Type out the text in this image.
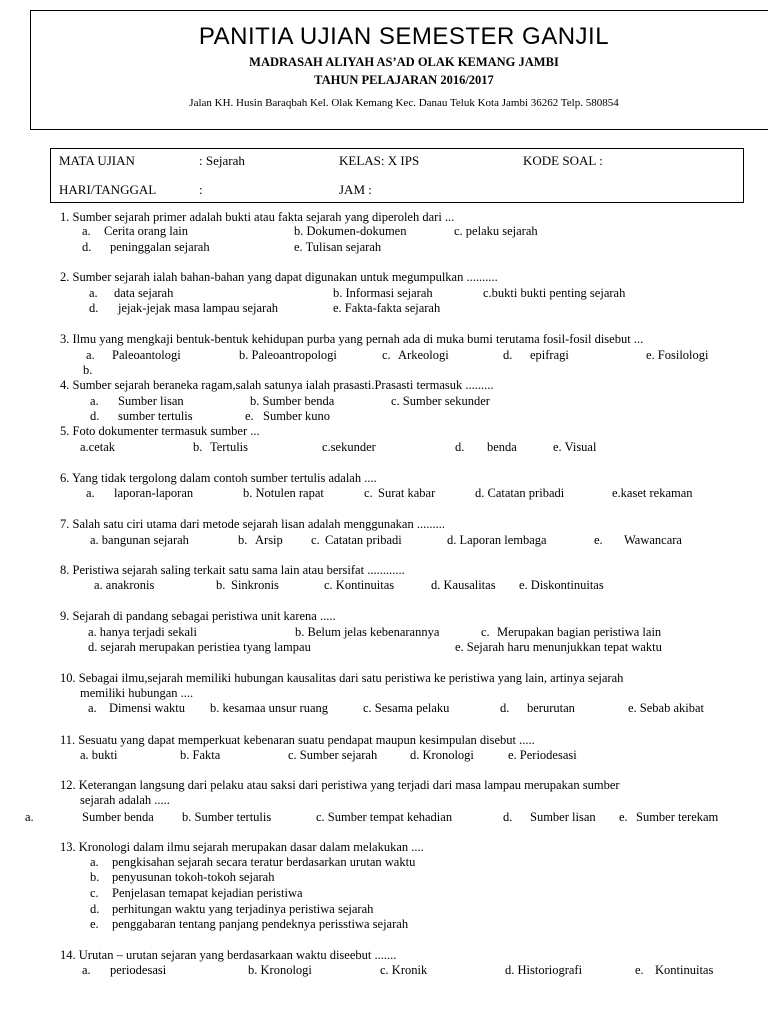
PANITIA UJIAN SEMESTER GANJIL
MADRASAH ALIYAH AS’AD OLAK KEMANG JAMBI
TAHUN PELAJARAN 2016/2017
Jalan KH. Husin Baraqbah Kel. Olak Kemang Kec. Danau Teluk Kota Jambi 36262 Telp. 580854
MATA UJIAN	: Sejarah	KELAS: X IPS	KODE SOAL :
HARI/TANGGAL	:	JAM :
1. Sumber sejarah primer adalah bukti atau fakta sejarah yang diperoleh dari ...
a. Cerita orang lain	b. Dokumen-dokumen	c. pelaku sejarah
d. peninggalan sejarah	e. Tulisan sejarah
2. Sumber sejarah ialah bahan-bahan yang dapat digunakan untuk megumpulkan ..........
a. data sejarah	b. Informasi sejarah	c.bukti bukti penting sejarah
d. jejak-jejak masa lampau sejarah	e. Fakta-fakta sejarah
3. Ilmu yang mengkaji bentuk-bentuk kehidupan purba yang pernah ada di muka bumi terutama fosil-fosil disebut ...
a. Paleoantologi	b. Paleoantropologi	c. Arkeologi	d. epifragi	e. Fosilologi
b.
4. Sumber sejarah beraneka ragam,salah satunya ialah prasasti.Prasasti termasuk .........
a. Sumber lisan	b. Sumber benda	c. Sumber sekunder
d. sumber tertulis	e. Sumber kuno
5. Foto dokumenter termasuk sumber ...
a.cetak	b. Tertulis	c.sekunder	d. benda	e. Visual
6. Yang tidak tergolong dalam contoh sumber tertulis adalah ....
a. laporan-laporan	b. Notulen rapat	c. Surat kabar	d. Catatan pribadi	e.kaset rekaman
7. Salah satu ciri utama dari metode sejarah lisan adalah menggunakan .........
a. bangunan sejarah	b. Arsip c. Catatan pribadi	d. Laporan lembaga	e. Wawancara
8. Peristiwa sejarah saling terkait satu sama lain atau bersifat ............
a. anakronis	b. Sinkronis	c. Kontinuitas	d. Kausalitas e. Diskontinuitas
9. Sejarah di pandang sebagai peristiwa unit karena .....
a. hanya terjadi sekali	b. Belum jelas kebenarannya	c. Merupakan bagian peristiwa lain
d. sejarah merupakan peristiea tyang lampau	e. Sejarah haru menunjukkan tepat waktu
10. Sebagai ilmu,sejarah memiliki hubungan kausalitas dari satu peristiwa ke peristiwa yang lain, artinya sejarah
memiliki hubungan ....
a. Dimensi waktu b. kesamaa unsur ruang	c. Sesama pelaku	d. berurutan	e. Sebab akibat
11. Sesuatu yang dapat memperkuat kebenaran suatu pendapat maupun kesimpulan disebut .....
a. bukti	b. Fakta	c. Sumber sejarah	d. Kronologi	e. Periodesasi
12. Keterangan langsung dari pelaku atau saksi dari peristiwa yang terjadi dari masa lampau merupakan sumber
sejarah adalah .....
a.	Sumber benda b. Sumber tertulis	c. Sumber tempat kehadian	d. Sumber lisan e. Sumber terekam
13. Kronologi dalam ilmu sejarah merupakan dasar dalam melakukan ....
a. pengkisahan sejarah secara teratur berdasarkan urutan waktu
b. penyusunan tokoh-tokoh sejarah
c. Penjelasan temapat kejadian peristiwa
d. perhitungan waktu yang terjadinya peristiwa sejarah
e. penggabaran tentang panjang pendeknya perisstiwa sejarah
14. Urutan – urutan sejaran yang berdasarkaan waktu diseebut .......
a. periodesasi	b. Kronologi	c. Kronik	d. Historiografi	e. Kontinuitas
